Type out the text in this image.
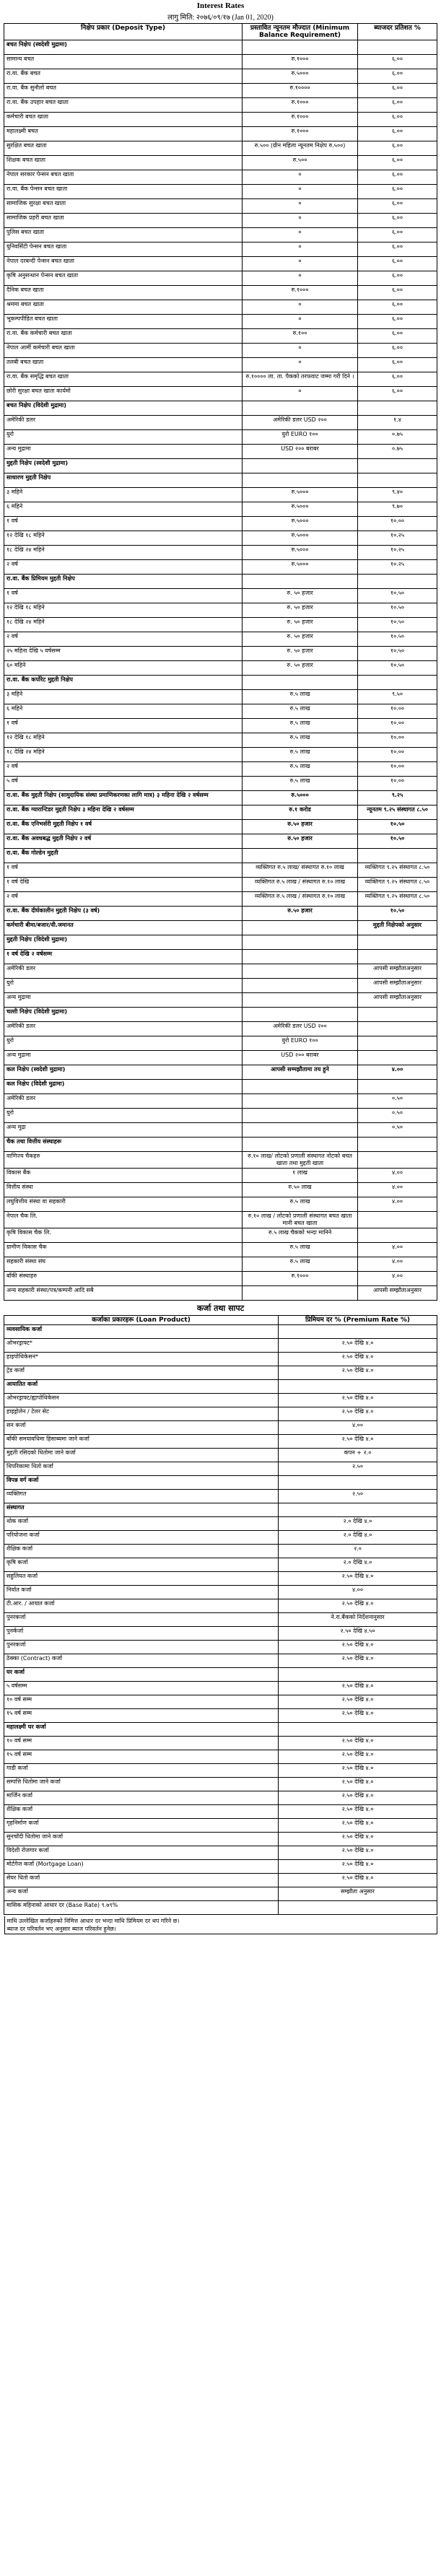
Interest Rates
लागु मिति: २०७६/०९/१७ (Jan 01, 2020)
निक्षेप प्रकार (Deposit Type)	प्रस्तावित न्यूनतम मौज्दात (Minimum Balance Requirement)	ब्याजदर प्रतिशत %
बचत निक्षेप (स्वदेशी मुद्रामा)		
सामान्य बचत	रु.१०००	६.००
रा.वा. बैंक बचत	रु.५०००	६.००
रा.वा. बैंक सुनौलो बचत	रु.१००००	६.००
रा.वा. बैंक उपहार बचत खाता	रु.१०००	६.००
कर्मचारी बचत खाता	रु.१०००	६.००
महालक्ष्मी बचत	रु.१०००	६.००
सुरक्षित बचत खाता	रु.५०० (ग्रीन महिला न्यूनतम निक्षेप रु.५००)	६.००
शिक्षक बचत खाता	रु.५००	६.००
नेपाल सरकार पेन्सन बचत खाता	०	६.००
रा.वा. बैंक पेन्सन बचत खाता	०	६.००
सामाजिक सुरक्षा बचत खाता	०	६.००
सामाजिक प्रहरी बचत खाता	०	६.००
पुलिस बचत खाता	०	६.००
युनिवर्सिटी पेन्सन बचत खाता	०	६.००
नेपाल दरबन्दी पेन्सन बचत खाता	०	६.००
कृषि अनुसन्धान पेन्सन बचत खाता	०	६.००
दैनिक बचत खाता	रु.१०००	६.००
श्रममा बचत खाता	०	६.००
भूकम्पपीडित बचत खाता	०	६.००
रा.वा. बैंक कर्मचारी बचत खाता	रु.१००	६.००
नेपाल आर्मी कर्मचारी बचत खाता	०	६.००
तलबी बचत खाता	०	६.००
रा.वा. बैंक समृद्धि बचत खाता	रु.१०००० ला. ता. पैकको तरफवाट जम्मा गरी दिने ।	६.००
छोरी सुरक्षा बचत खाता कार्यमो	०	६.००
बचत निक्षेप (विदेशी मुद्रामा)		
अमेरिकी डलर	अमेरिकी डलर USD २००	१.४
युरो	युरो EURO १००	०.७५
अन्य मुद्रामा	USD २०० बराबर	०.७५
मुद्दती निक्षेप (स्वदेशी मुद्रामा)		
साधारण मुद्दती निक्षेप		
३ महिने	रु.५०००	९.४०
६ महिने	रु.५०००	९.७०
१ वर्ष	रु.५०००	१०.००
१२ देखि १८ महिने	रु.५०००	१०.२५
१८ देखि २४ महिने	रु.५०००	१०.२५
२ वर्ष	रु.५०००	१०.२५
रा.वा. बैंक प्रिमियम मुद्दती निक्षेप		
१ वर्ष	रु. ५० हजार	१०.५०
१२ देखि १८ महिने	रु. ५० हजार	१०.५०
१८ देखि २४ महिने	रु. ५० हजार	१०.५०
२ वर्ष	रु. ५० हजार	१०.५०
२५ महिना देखि ५ वर्षसम्म	रु. ५० हजार	१०.५०
६० महिने	रु. ५० हजार	१०.५०
रा.वा. बैंक कर्पोरेट मुद्दती निक्षेप		
३ महिने	रु.५ लाख	९.५०
६ महिने	रु.५ लाख	१०.००
१ वर्ष	रु.५ लाख	१०.००
१२ देखि १८ महिने	रु.५ लाख	१०.००
१८ देखि २४ महिने	रु.५ लाख	१०.००
२ वर्ष	रु.५ लाख	१०.००
५ वर्ष	रु.५ लाख	१०.००
रा.वा. बैंक मुद्दती निक्षेप (सामुदायिक संस्था प्रमाणिकरणका लागि मात्र) ३ महिना देखि २ वर्षसम्म	रु.५०००	९.२५
रा.वा. बैंक ग्यारान्टिडर मुद्दती निक्षेप ३ महिना देखि २ वर्षसम्म	रु.१ करोड	न्यूनतम ९.२५ संस्थागत ८.५०
रा.वा. बैंक एनिभर्सरी मुद्दती निक्षेप १ वर्ष	रु.५० हजार	१०.५०
रा.वा. बैंक अवधबद्ध मुद्दती निक्षेप २ वर्ष	रु.५० हजार	१०.५०
रा.वा. बैंक गोल्डेन मुद्दती		
१ वर्ष	व्यक्तिगत रु.५ लाख/ संस्थागत रु.१० लाख	व्यक्तिगत ९.२५ संस्थागत ८.५०
१ वर्ष देखि	व्यक्तिगत रु.५ लाख / संस्थागत रु.१० लाख	व्यक्तिगत ९.२५ संस्थागत ८.५०
२ वर्ष	व्यक्तिगत रु.५ लाख / संस्थागत रु.१० लाख	व्यक्तिगत ९.२५ संस्थागत ८.५०
रा.वा. बैंक दीर्घकालीन मुद्दती निक्षेप (३ वर्ष)	रु.५० हजार	१०.५०
कर्मचारी बीमा/बजार/वी.जमानत		मुद्दती निक्षेपको अनुसार
मुद्दती निक्षेप (विदेशी मुद्रामा)		
१ वर्ष देखि २ वर्षसम्म		
अमेरिकी डलर		आपसी सम्झौताअनुसार
युरो		आपसी सम्झौताअनुसार
अन्य मुद्रामा		आपसी सम्झौताअनुसार
चल्ती निक्षेप (विदेशी मुद्रामा)		
अमेरिकी डलर	अमेरिकी डलर USD २००	
युरो	युरो EURO १००	
अन्य मुद्रामा	USD २०० बराबर	
कल निक्षेप (स्वदेशी मुद्रामा)	आपसी सम्मझौतामा तय हुने	४.००
कल निक्षेप (विदेशी मुद्रामा)		
अमेरिकी डलर		०.५०
युरो		०.५०
अन्य मुद्रा		०.५०
चैक तथा वित्तीय संस्थाहरू		
वाणिज्य चैकहरु	रु.१० लाख/ लोटको प्रणाली संस्थागत नोटको बचत खाता तथा मुद्दती खाता	
विकास बैंक	१ लाख	४.००
वित्तीय संस्था	रु.५० लाख	४.००
लघुवित्तीय संस्था वा सहकारी	रु.५ लाख	४.००
नेपाल चैक लि.	रु.१० लाख / लोटको प्रणाली संस्थागत बचत खाता मानी बचत खाता	
कृषि विकास चैक लि.	रु.५ लाख चैकको भन्दा मानिने	
ग्रामीण विकास चैक	रु.५ लाख	४.००
सहकारी संस्था संघ	रु.५ लाख	४.००
बाँकी संस्थाहरु	रु.१०००	४.००
अन्य सहकारी संस्था/पत्र/कम्पनी आदि सबै		आपसी सम्झौताअनुसार
कर्जा तथा सापट
कर्जाका प्रकारहरू (Loan Product)	प्रिमियम दर % (Premium Rate %)
व्यवसायिक कर्जा	
ओभरड्राफ्ट*	२.५० देखि ४.०
हाइपोथिकेसन*	२.५० देखि ४.०
ट्रेड कर्जा	२.५० देखि ४.०
आयातित कर्जा	
ओभरड्राफ्ट/ह्यापोथिकेसन	२.५० देखि ४.०
हाइड्रोलेन / टेलर सेट	२.५० देखि ४.०
सन कर्जा	४.००
बाँकी समयावधिमा हिसाब्यमा जाने कर्जा	२.५० देखि ४.०
मुद्दती रसिदको धितोमा जाने कर्जा	कपन + २.०
धिपरिकामा धितो कर्जा	२.५०
विपन्न वर्ग कर्जा	
व्यक्तिगत	२.५०
संस्थागत	
थोक कर्जा	२.० देखि ४.०
परियोजना कर्जा	२.० देखि ४.०
शैक्षिक कर्जा	२.०
कृषि कर्जा	२.० देखि ४.०
सहुलियत कर्जा	२.५० देखि ४.०
निर्यात कर्जा	४.००
टी.आर. / आयात कर्जा	२.५० देखि ४.०
पुनरकर्जा	ने.रा.बैंकको निर्देशनानुसार
पुनर्कर्जा	२.५० देखि ४.५०
पुनरकर्जा	२.५० देखि ४.०
ठेक्का (Contract) कर्जा	२.५० देखि ४.०
घर कर्जा	
५ वर्षसम्म	२.५० देखि ४.०
१० वर्ष सम्म	२.५० देखि ४.०
१५ वर्ष सम्म	२.५० देखि ४.०
महालक्ष्मी घर कर्जा	
१० वर्ष सम्म	२.५० देखि ४.०
१५ वर्ष सम्म	२.५० देखि ४.०
गाडी कर्जा	२.५० देखि ४.०
सम्पत्ति धितोमा जाने कर्जा	२.५० देखि ४.०
मार्जिन कर्जा	२.५० देखि ४.०
शैक्षिक कर्जा	२.५० देखि ४.०
गृहनिर्माण कर्जा	२.५० देखि ४.०
सुनचाँदी धितोमा जाने कर्जा	२.५० देखि ४.०
विदेशी रोजगार कर्जा	२.५० देखि ४.०
मोर्टगेज कर्जा (Mortgage Loan)	२.५० देखि ४.०
सेयर धितो कर्जा	२.५० देखि ४.०
अन्य कर्जा	सम्झौता अनुसार
मासिक महिनाको आधार दर (Base Rate) ९.७९%	
माथि उल्लेखित कर्जाहरुको निमित्त आधार दर भन्दा माथि प्रिमियम दर थप गरिने छ।
ब्याज दर परिवर्तन भए अनुसार ब्याज परिवर्तन हुनेछ।
